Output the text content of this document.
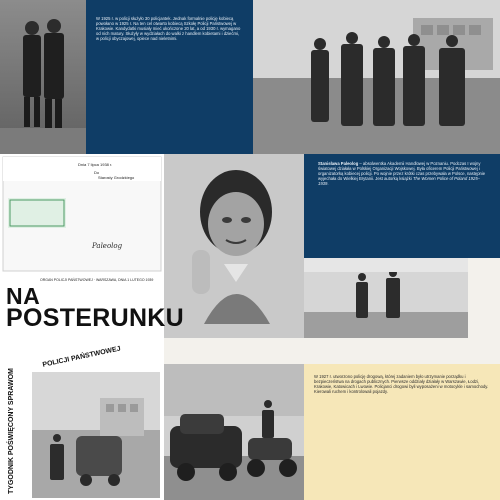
W 1925 r. w policji służyło 30 policjantek. Jednak formalnie policję kobiecą powołano w 1925 r. Na ten cel otwarto kobiecą Szkołę Policji Państwowej w Krakowie. Kandydatki musiały mieć ukończone 20 lat, a od 1930 r. wymagano od nich matury. Służyły w wydziałach do walki z handlem kobietami i dziećmi, w policji obyczajowej, opiece nad nieletnimi.

Dnia 7 lipca 1938 r.
Do
Starosty Grodzkiego
Paleolog

Stanisława Paleolog – absolwentka Akademii Handlowej w Poznaniu. Podczas I wojny światowej działała w Polskiej Organizacji Wojskowej. Była oficerem Policji Państwowej i organizatorką kobiecej policji. Po wojnie przez krótki czas przebywała w Polsce, następnie wyjechała do Wielkiej Brytanii. Jest autorką książki The Women Police of Poland 1925–1939.

ORGAN POLICJI PAŃSTWOWEJ · WARSZAWA, DNIA 1 LUTEGO 1939
NA
POSTERUNKU
POLICJI PAŃSTWOWEJ
TYGODNIK POŚWIĘCONY SPRAWOM	W 1927 r. utworzono policję drogową, której zadaniem było utrzymanie porządku i bezpieczeństwa na drogach publicznych. Pierwsze oddziały działały w Warszawie, Łodzi, Krakowie, Katowicach i Lwowie. Policjanci drogowi byli wyposażeni w motocykle i samochody. Kierowali ruchem i kontrolowali pojazdy.
